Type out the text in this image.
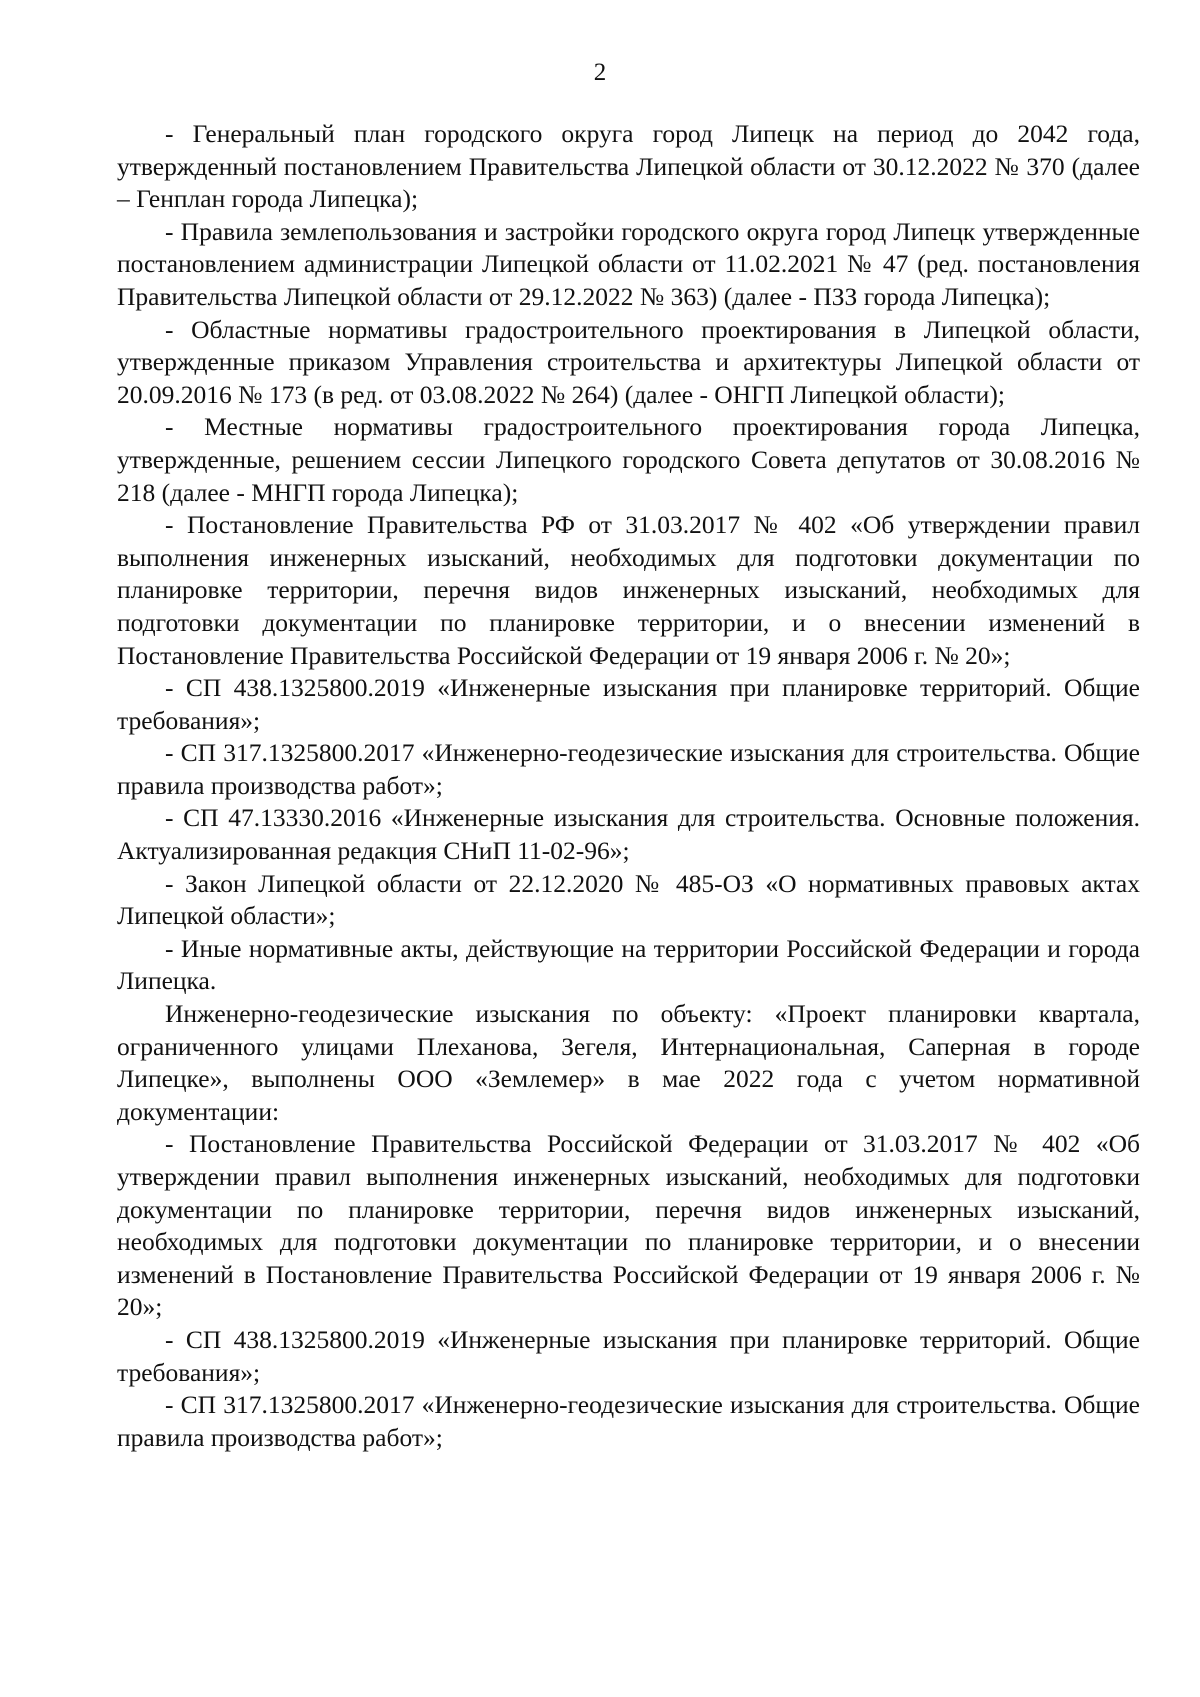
2

- Генеральный план городского округа город Липецк на период до 2042 года, утвержденный постановлением Правительства Липецкой области от 30.12.2022 № 370 (далее – Генплан города Липецка);

- Правила землепользования и застройки городского округа город Липецк утвержденные постановлением администрации Липецкой области от 11.02.2021 № 47 (ред. постановления Правительства Липецкой области от 29.12.2022 № 363) (далее - ПЗЗ города Липецка);

- Областные нормативы градостроительного проектирования в Липецкой области, утвержденные приказом Управления строительства и архитектуры Липецкой области от 20.09.2016 № 173 (в ред. от 03.08.2022 № 264) (далее - ОНГП Липецкой области);

- Местные нормативы градостроительного проектирования города Липецка, утвержденные, решением сессии Липецкого городского Совета депутатов от 30.08.2016 № 218 (далее - МНГП города Липецка);

- Постановление Правительства РФ от 31.03.2017 № 402 «Об утверждении правил выполнения инженерных изысканий, необходимых для подготовки документации по планировке территории, перечня видов инженерных изысканий, необходимых для подготовки документации по планировке территории, и о внесении изменений в Постановление Правительства Российской Федерации от 19 января 2006 г. № 20»;

- СП 438.1325800.2019 «Инженерные изыскания при планировке территорий. Общие требования»;

- СП 317.1325800.2017 «Инженерно-геодезические изыскания для строительства. Общие правила производства работ»;

- СП 47.13330.2016 «Инженерные изыскания для строительства. Основные положения. Актуализированная редакция СНиП 11-02-96»;

- Закон Липецкой области от 22.12.2020 № 485-ОЗ «О нормативных правовых актах Липецкой области»;

- Иные нормативные акты, действующие на территории Российской Федерации и города Липецка.

Инженерно-геодезические изыскания по объекту: «Проект планировки квартала, ограниченного улицами Плеханова, Зегеля, Интернациональная, Саперная в городе Липецке», выполнены ООО «Землемер» в мае 2022 года с учетом нормативной документации:

- Постановление Правительства Российской Федерации от 31.03.2017 № 402 «Об утверждении правил выполнения инженерных изысканий, необходимых для подготовки документации по планировке территории, перечня видов инженерных изысканий, необходимых для подготовки документации по планировке территории, и о внесении изменений в Постановление Правительства Российской Федерации от 19 января 2006 г. № 20»;

- СП 438.1325800.2019 «Инженерные изыскания при планировке территорий. Общие требования»;

- СП 317.1325800.2017 «Инженерно-геодезические изыскания для строительства. Общие правила производства работ»;
